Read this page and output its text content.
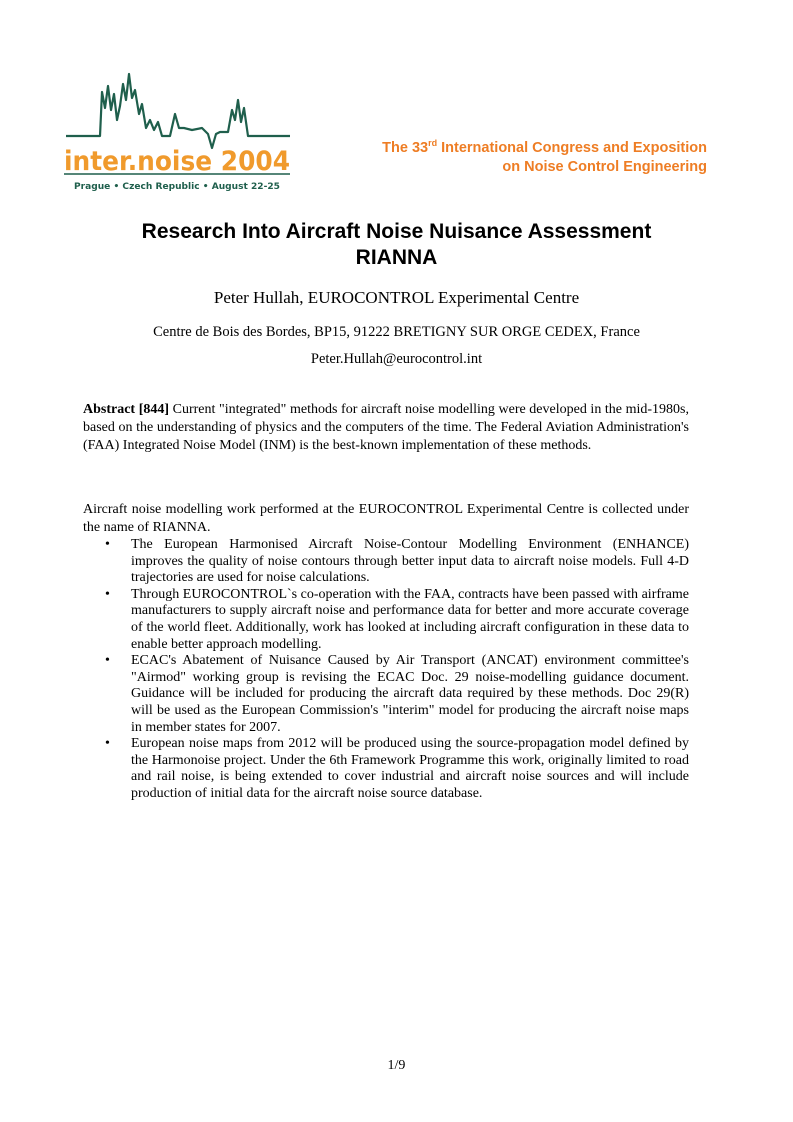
inter.noise 2004
Prague • Czech Republic • August 22-25
The 33rd International Congress and Exposition
on Noise Control Engineering
Research Into Aircraft Noise Nuisance Assessment
RIANNA
Peter Hullah, EUROCONTROL Experimental Centre
Centre de Bois des Bordes, BP15, 91222 BRETIGNY SUR ORGE CEDEX, France
Peter.Hullah@eurocontrol.int

Abstract [844] Current "integrated" methods for aircraft noise modelling were developed in the mid-1980s, based on the understanding of physics and the computers of the time. The Federal Aviation Administration's (FAA) Integrated Noise Model (INM) is the best-known implementation of these methods.

Aircraft noise modelling work performed at the EUROCONTROL Experimental Centre is collected under the name of RIANNA.

• The European Harmonised Aircraft Noise-Contour Modelling Environment (ENHANCE) improves the quality of noise contours through better input data to aircraft noise models. Full 4-D trajectories are used for noise calculations.
• Through EUROCONTROL`s co-operation with the FAA, contracts have been passed with airframe manufacturers to supply aircraft noise and performance data for better and more accurate coverage of the world fleet. Additionally, work has looked at including aircraft configuration in these data to enable better approach modelling.
• ECAC's Abatement of Nuisance Caused by Air Transport (ANCAT) environment committee's "Airmod" working group is revising the ECAC Doc. 29 noise-modelling guidance document. Guidance will be included for producing the aircraft data required by these methods. Doc 29(R) will be used as the European Commission's "interim" model for producing the aircraft noise maps in member states for 2007.
• European noise maps from 2012 will be produced using the source-propagation model defined by the Harmonoise project. Under the 6th Framework Programme this work, originally limited to road and rail noise, is being extended to cover industrial and aircraft noise sources and will include production of initial data for the aircraft noise source database.
1/9
